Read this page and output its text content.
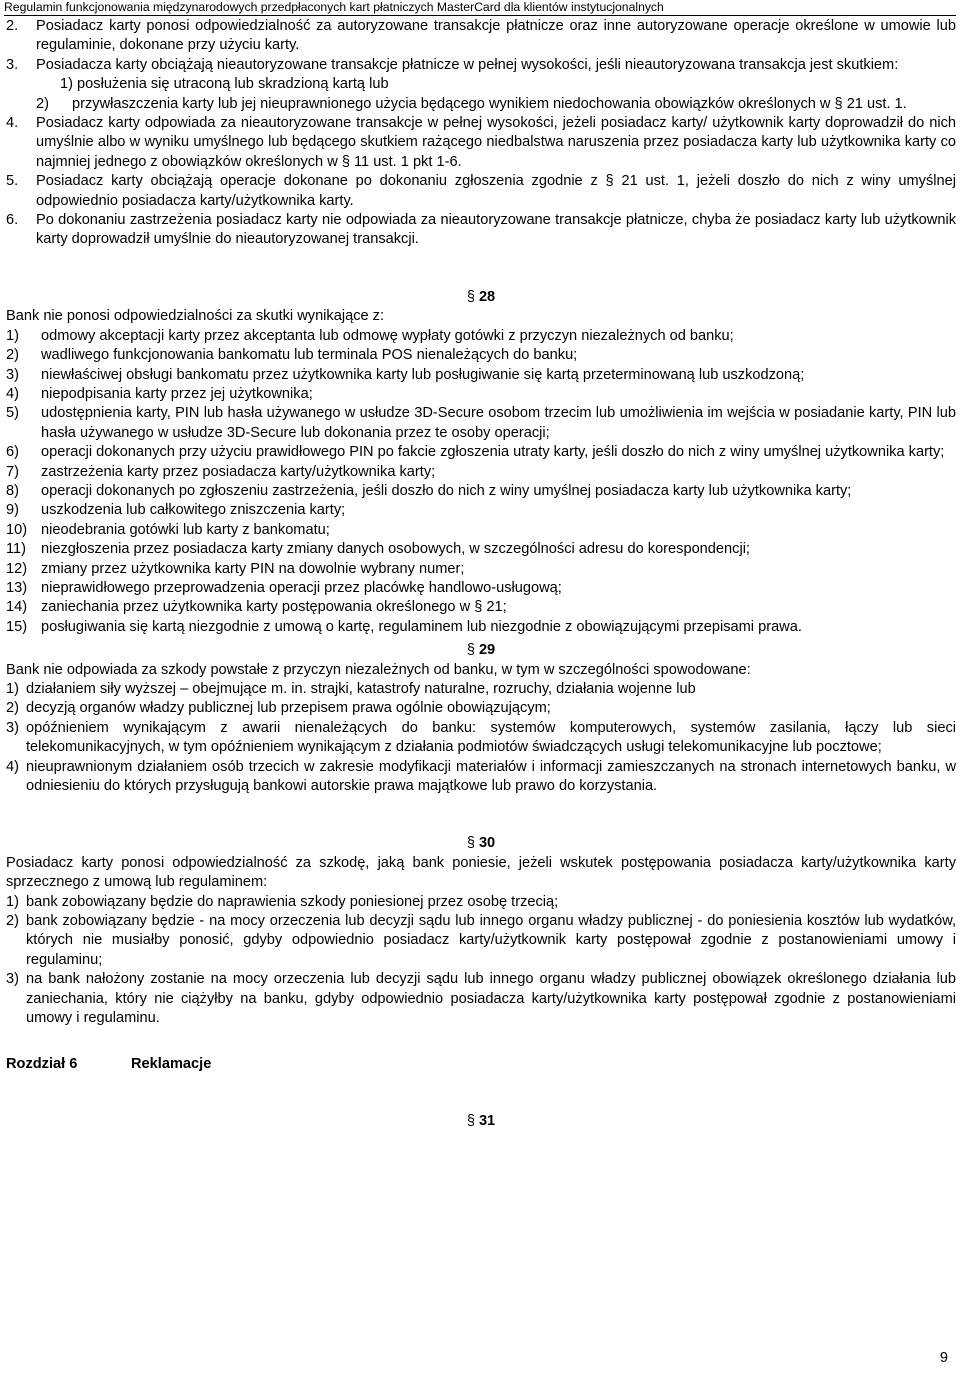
Regulamin funkcjonowania międzynarodowych przedpłaconych kart płatniczych MasterCard dla klientów instytucjonalnych
2.	Posiadacz karty ponosi odpowiedzialność za autoryzowane transakcje płatnicze oraz inne autoryzowane operacje określone w umowie lub regulaminie, dokonane przy użyciu karty.
3.	Posiadacza karty obciążają nieautoryzowane transakcje płatnicze w pełnej wysokości, jeśli nieautoryzowana transakcja jest skutkiem:
1) posłużenia się utraconą lub skradzioną kartą lub
2)	przywłaszczenia karty lub jej nieuprawnionego użycia będącego wynikiem niedochowania obowiązków określonych w § 21 ust. 1.
4.	Posiadacz karty odpowiada za nieautoryzowane transakcje w pełnej wysokości, jeżeli posiadacz karty/ użytkownik karty doprowadził do nich umyślnie albo w wyniku umyślnego lub będącego skutkiem rażącego niedbalstwa naruszenia przez posiadacza karty lub użytkownika karty co najmniej jednego z obowiązków określonych w § 11 ust. 1 pkt 1-6.
5.	Posiadacz karty obciążają operacje dokonane po dokonaniu zgłoszenia zgodnie z § 21 ust. 1, jeżeli doszło do nich z winy umyślnej odpowiednio posiadacza karty/użytkownika karty.
6.	Po dokonaniu zastrzeżenia posiadacz karty nie odpowiada za nieautoryzowane transakcje płatnicze, chyba że posiadacz karty lub użytkownik karty doprowadził umyślnie do nieautoryzowanej transakcji.
§ 28
Bank nie ponosi odpowiedzialności za skutki wynikające z:
1)	odmowy akceptacji karty przez akceptanta lub odmowę wypłaty gotówki z przyczyn niezależnych od banku;
2)	wadliwego funkcjonowania bankomatu lub terminala POS nienależących do banku;
3)	niewłaściwej obsługi bankomatu przez użytkownika karty lub posługiwanie się kartą przeterminowaną lub uszkodzoną;
4)	niepodpisania karty przez jej użytkownika;
5)	udostępnienia karty, PIN lub hasła używanego w usłudze 3D-Secure osobom trzecim lub umożliwienia im wejścia w posiadanie karty, PIN lub hasła używanego w usłudze 3D-Secure lub dokonania przez te osoby operacji;
6)	operacji dokonanych przy użyciu prawidłowego PIN po fakcie zgłoszenia utraty karty, jeśli doszło do nich z winy umyślnej użytkownika karty;
7)	zastrzeżenia karty przez posiadacza karty/użytkownika karty;
8)	operacji dokonanych po zgłoszeniu zastrzeżenia, jeśli doszło do nich z winy umyślnej posiadacza karty lub użytkownika karty;
9)	uszkodzenia lub całkowitego zniszczenia karty;
10) nieodebrania gotówki lub karty z bankomatu;
11)	niezgłoszenia przez posiadacza karty zmiany danych osobowych, w szczególności adresu do korespondencji;
12) zmiany przez użytkownika karty PIN na dowolnie wybrany numer;
13) nieprawidłowego przeprowadzenia operacji przez placówkę handlowo-usługową;
14) zaniechania przez użytkownika karty postępowania określonego w § 21;
15) posługiwania się kartą niezgodnie z umową o kartę, regulaminem lub niezgodnie z obowiązującymi przepisami prawa.
§ 29
Bank nie odpowiada za szkody powstałe z przyczyn niezależnych od banku, w tym w szczególności spowodowane:
1) działaniem siły wyższej – obejmujące m. in. strajki, katastrofy naturalne, rozruchy, działania wojenne lub
2) decyzją organów władzy publicznej lub przepisem prawa ogólnie obowiązującym;
3) opóźnieniem wynikającym z awarii nienależących do banku: systemów komputerowych, systemów zasilania, łączy lub sieci telekomunikacyjnych, w tym opóźnieniem wynikającym z działania podmiotów świadczących usługi telekomunikacyjne lub pocztowe;
4) nieuprawnionym działaniem osób trzecich w zakresie modyfikacji materiałów i informacji zamieszczanych na stronach internetowych banku, w odniesieniu do których przysługują bankowi autorskie prawa majątkowe lub prawo do korzystania.
§ 30
Posiadacz karty ponosi odpowiedzialność za szkodę, jaką bank poniesie, jeżeli wskutek postępowania posiadacza karty/użytkownika karty sprzecznego z umową lub regulaminem:
1) bank zobowiązany będzie do naprawienia szkody poniesionej przez osobę trzecią;
2) bank zobowiązany będzie - na mocy orzeczenia lub decyzji sądu lub innego organu władzy publicznej - do poniesienia kosztów lub wydatków, których nie musiałby ponosić, gdyby odpowiednio posiadacz karty/użytkownik karty postępował zgodnie z postanowieniami umowy i regulaminu;
3) na bank nałożony zostanie na mocy orzeczenia lub decyzji sądu lub innego organu władzy publicznej obowiązek określonego działania lub zaniechania, który nie ciążyłby na banku, gdyby odpowiednio posiadacza karty/użytkownika karty postępował zgodnie z postanowieniami umowy i regulaminu.
Rozdział 6	Reklamacje
§ 31
9
